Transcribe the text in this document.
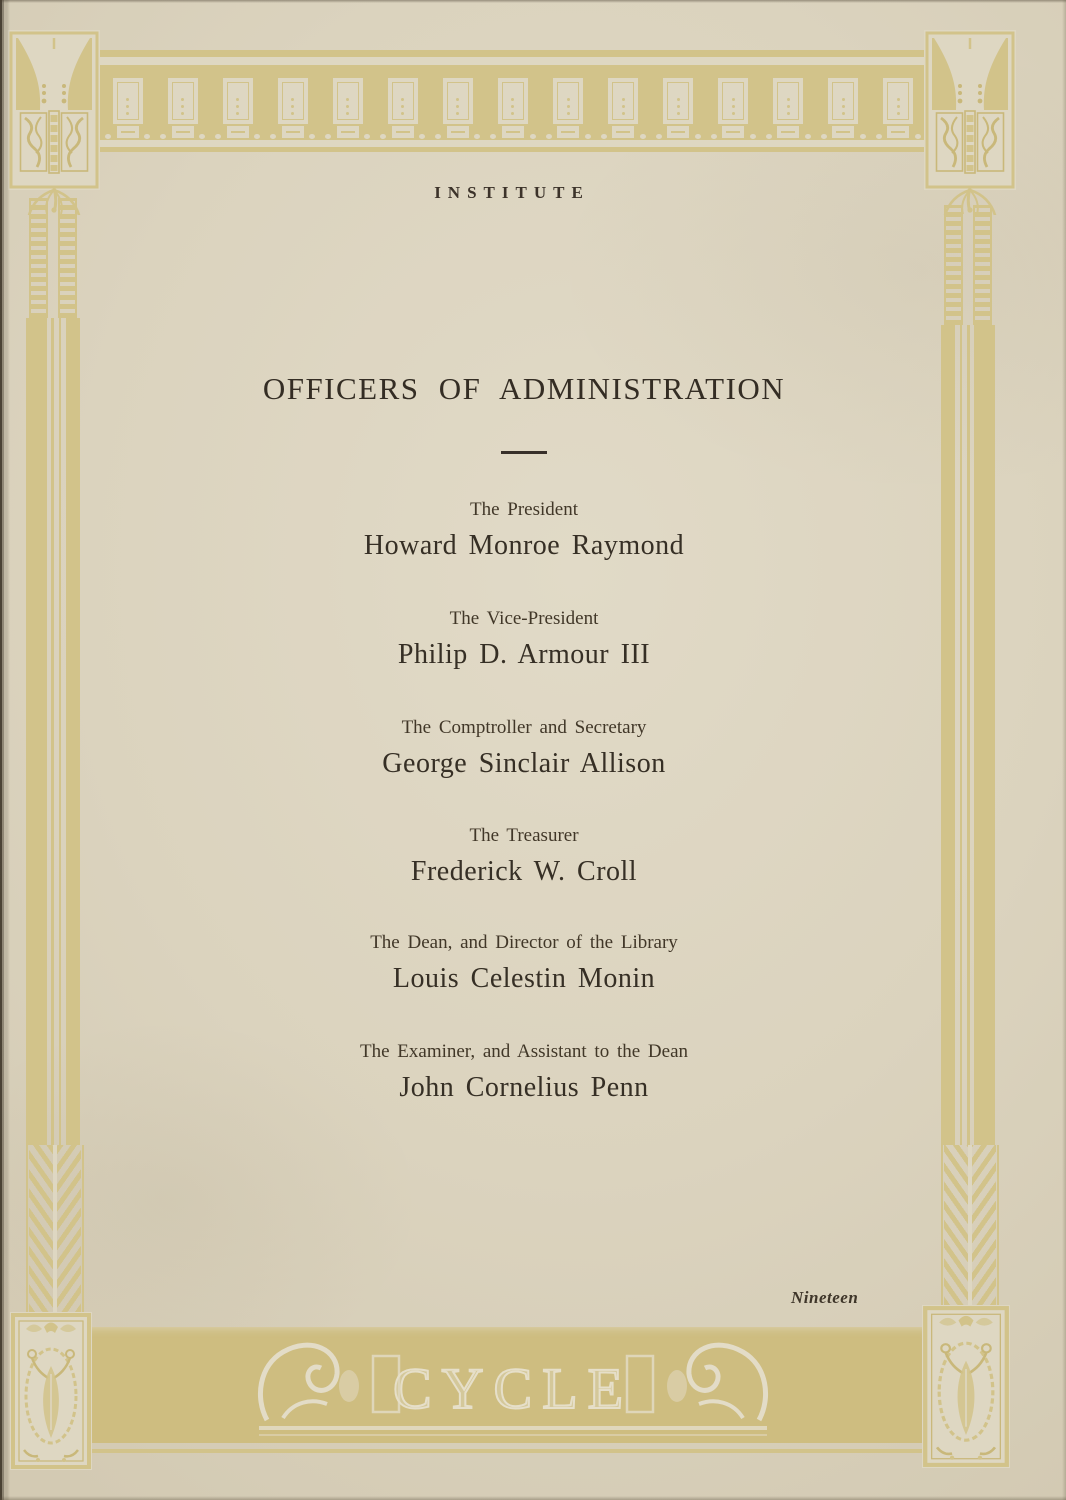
CYCLE
INSTITUTE
OFFICERS OF ADMINISTRATION
The President
Howard Monroe Raymond
The Vice-President
Philip D. Armour III
The Comptroller and Secretary
George Sinclair Allison
The Treasurer
Frederick W. Croll
The Dean, and Director of the Library
Louis Celestin Monin
The Examiner, and Assistant to the Dean
John Cornelius Penn
Nineteen
